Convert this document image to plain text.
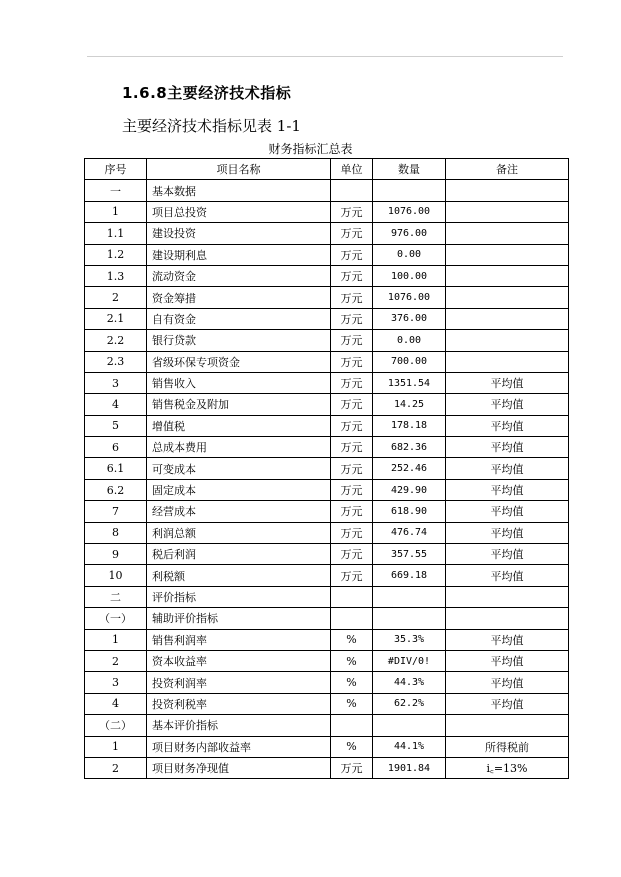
1.6.8主要经济技术指标
主要经济技术指标见表 1-1
财务指标汇总表
序号	项目名称	单位	数量	备注
一	基本数据			
1	项目总投资	万元	1076.00	
1.1	建设投资	万元	976.00	
1.2	建设期利息	万元	0.00	
1.3	流动资金	万元	100.00	
2	资金筹措	万元	1076.00	
2.1	自有资金	万元	376.00	
2.2	银行贷款	万元	0.00	
2.3	省级环保专项资金	万元	700.00	
3	销售收入	万元	1351.54	平均值
4	销售税金及附加	万元	14.25	平均值
5	增值税	万元	178.18	平均值
6	总成本费用	万元	682.36	平均值
6.1	可变成本	万元	252.46	平均值
6.2	固定成本	万元	429.90	平均值
7	经营成本	万元	618.90	平均值
8	利润总额	万元	476.74	平均值
9	税后利润	万元	357.55	平均值
10	利税额	万元	669.18	平均值
二	评价指标			
（一）	辅助评价指标			
1	销售利润率	%	35.3%	平均值
2	资本收益率	%	#DIV/0!	平均值
3	投资利润率	%	44.3%	平均值
4	投资利税率	%	62.2%	平均值
（二）	基本评价指标			
1	项目财务内部收益率	%	44.1%	所得税前
2	项目财务净现值	万元	1901.84	i꜀=13%
